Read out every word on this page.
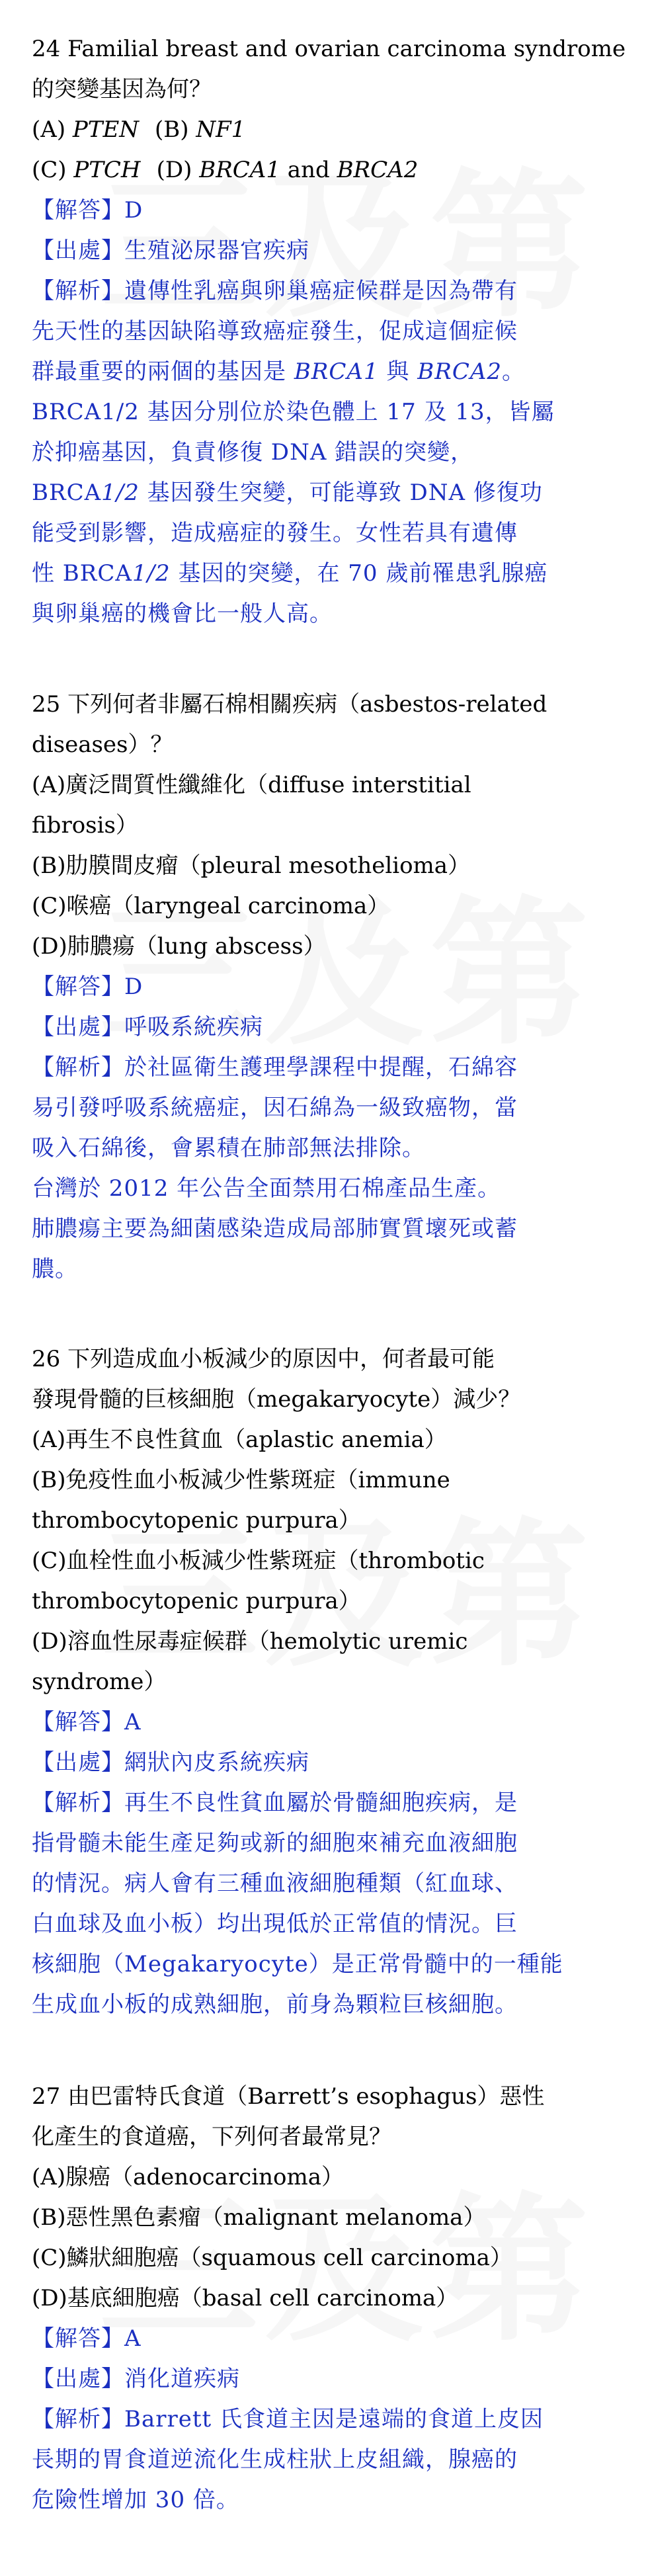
24 Familial breast and ovarian carcinoma syndrome
的突變基因為何？
(A) PTEN (B) NF1
(C) PTCH (D) BRCA1 and BRCA2
【解答】D
【出處】生殖泌尿器官疾病
【解析】遺傳性乳癌與卵巢癌症候群是因為帶有
先天性的基因缺陷導致癌症發生，促成這個症候
群最重要的兩個的基因是 BRCA1 與 BRCA2。
BRCA1/2 基因分別位於染色體上 17 及 13，皆屬
於抑癌基因，負責修復 DNA 錯誤的突變，
BRCA1/2 基因發生突變，可能導致 DNA 修復功
能受到影響，造成癌症的發生。女性若具有遺傳
性 BRCA1/2 基因的突變，在 70 歲前罹患乳腺癌
與卵巢癌的機會比一般人高。
25 下列何者非屬石棉相關疾病（asbestos-related
diseases）？
(A)廣泛間質性纖維化（diffuse interstitial
fibrosis）
(B)肋膜間皮瘤（pleural mesothelioma）
(C)喉癌（laryngeal carcinoma）
(D)肺膿瘍（lung abscess）
【解答】D
【出處】呼吸系統疾病
【解析】於社區衛生護理學課程中提醒，石綿容
易引發呼吸系統癌症，因石綿為一級致癌物，當
吸入石綿後，會累積在肺部無法排除。
台灣於 2012 年公告全面禁用石棉產品生產。
肺膿瘍主要為細菌感染造成局部肺實質壞死或蓄
膿。
26 下列造成血小板減少的原因中，何者最可能
發現骨髓的巨核細胞（megakaryocyte）減少？
(A)再生不良性貧血（aplastic anemia）
(B)免疫性血小板減少性紫斑症（immune
thrombocytopenic purpura）
(C)血栓性血小板減少性紫斑症（thrombotic
thrombocytopenic purpura）
(D)溶血性尿毒症候群（hemolytic uremic
syndrome）
【解答】A
【出處】網狀內皮系統疾病
【解析】再生不良性貧血屬於骨髓細胞疾病，是
指骨髓未能生產足夠或新的細胞來補充血液細胞
的情況。病人會有三種血液細胞種類（紅血球、
白血球及血小板）均出現低於正常值的情況。巨
核細胞（Megakaryocyte）是正常骨髓中的一種能
生成血小板的成熟細胞，前身為顆粒巨核細胞。
27 由巴雷特氏食道（Barrett’s esophagus）惡性
化產生的食道癌，下列何者最常見？
(A)腺癌（adenocarcinoma）
(B)惡性黑色素瘤（malignant melanoma）
(C)鱗狀細胞癌（squamous cell carcinoma）
(D)基底細胞癌（basal cell carcinoma）
【解答】A
【出處】消化道疾病
【解析】Barrett 氏食道主因是遠端的食道上皮因
長期的胃食道逆流化生成柱狀上皮組織，腺癌的
危險性增加 30 倍。
